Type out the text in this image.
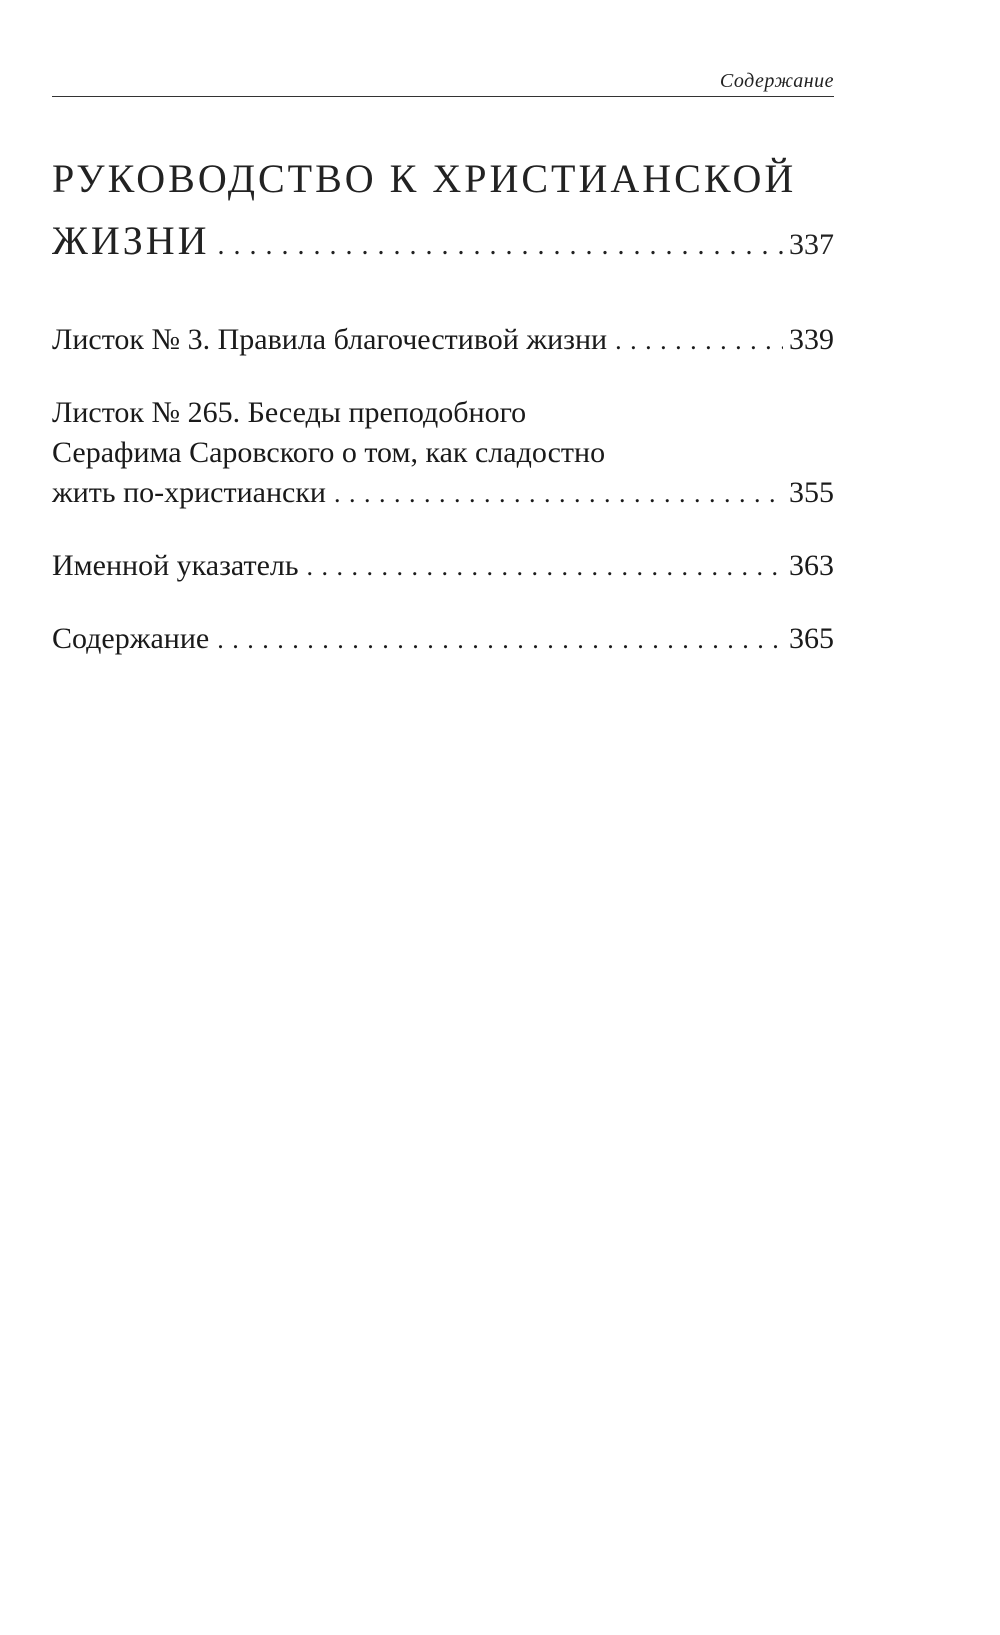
Содержание
РУКОВОДСТВО К ХРИСТИАНСКОЙ
ЖИЗНИ . . .	337
Листок № 3. Правила благочестивой жизни . . .	339
Листок № 265. Беседы преподобного
Серафима Саровского о том, как сладостно
жить по-христиански . . .	355
Именной указатель . . .	363
Содержание . . .	365
